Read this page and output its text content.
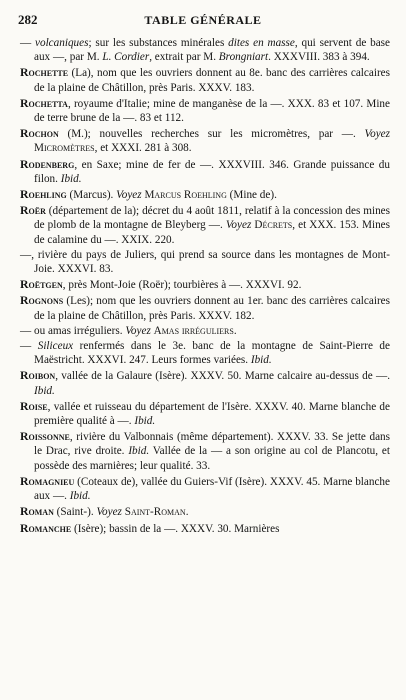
282	TABLE GÉNÉRALE

— volcaniques; sur les substances minérales dites en masse, qui servent de base aux —, par M. L. Cordier, extrait par M. Brongniart. XXXVIII. 383 à 394.

Rochette (La), nom que les ouvriers donnent au 8e. banc des carrières calcaires de la plaine de Châtillon, près Paris. XXXV. 183.

Rochetta, royaume d'Italie; mine de manganèse de la —. XXX. 83 et 107. Mine de terre brune de la —. 83 et 112.

Rochon (M.); nouvelles recherches sur les micromètres, par —. Voyez Micromètres, et XXXI. 281 à 308.

Rodenberg, en Saxe; mine de fer de —. XXXVIII. 346. Grande puissance du filon. Ibid.

Roehling (Marcus). Voyez Marcus Roehling (Mine de).

Roër (département de la); décret du 4 août 1811, relatif à la concession des mines de plomb de la montagne de Bleyberg —. Voyez Décrets, et XXX. 153. Mines de calamine du —. XXIX. 220.

—, rivière du pays de Juliers, qui prend sa source dans les montagnes de Mont-Joie. XXXVI. 83.

Roëtgen, près Mont-Joie (Roër); tourbières à —. XXXVI. 92.

Rognons (Les); nom que les ouvriers donnent au 1er. banc des carrières calcaires de la plaine de Châtillon, près Paris. XXXV. 182.

— ou amas irréguliers. Voyez Amas irréguliers.

— Siliceux renfermés dans le 3e. banc de la montagne de Saint-Pierre de Maëstricht. XXXVI. 247. Leurs formes variées. Ibid.

Roibon, vallée de la Galaure (Isère). XXXV. 50. Marne calcaire au-dessus de —. Ibid.

Roise, vallée et ruisseau du département de l'Isère. XXXV. 40. Marne blanche de première qualité à —. Ibid.

Roissonne, rivière du Valbonnais (même département). XXXV. 33. Se jette dans le Drac, rive droite. Ibid. Vallée de la — a son origine au col de Plancotu, et possède des marnières; leur qualité. 33.

Romagnieu (Coteaux de), vallée du Guiers-Vif (Isère). XXXV. 45. Marne blanche aux —. Ibid.

Roman (Saint-). Voyez Saint-Roman.

Romanche (Isère); bassin de la —. XXXV. 30. Marnières
